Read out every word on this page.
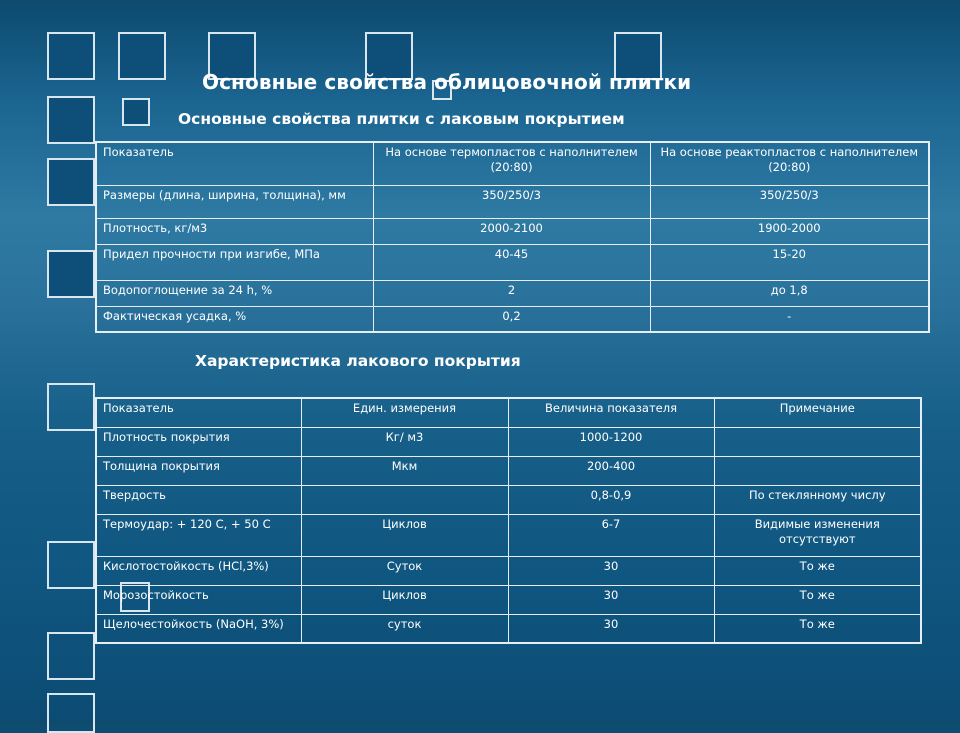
Основные свойства облицовочной плитки
Основные свойства плитки с лаковым покрытием
Показатель	На основе термопластов с наполнителем (20:80)	На основе реактопластов с наполнителем (20:80)
Размеры (длина, ширина, толщина), мм	350/250/3	350/250/3
Плотность, кг/м3	2000-2100	1900-2000
Придел прочности при изгибе, МПа	40-45	15-20
Водопоглощение за 24 h, %	2	до 1,8
Фактическая усадка, %	0,2	-
Характеристика лакового покрытия
Показатель	Един. измерения	Величина показателя	Примечание
Плотность покрытия	Кг/ м3	1000-1200	
Толщина покрытия	Мкм	200-400	
Твердость		0,8-0,9	По стеклянному числу
Термоудар: + 120 С, + 50 С	Циклов	6-7	Видимые изменения отсутствуют
Кислотостойкость (HCl,3%)	Суток	30	То же
Морозостойкость	Циклов	30	То же
Щелочестойкость (NaOH, 3%)	суток	30	То же
